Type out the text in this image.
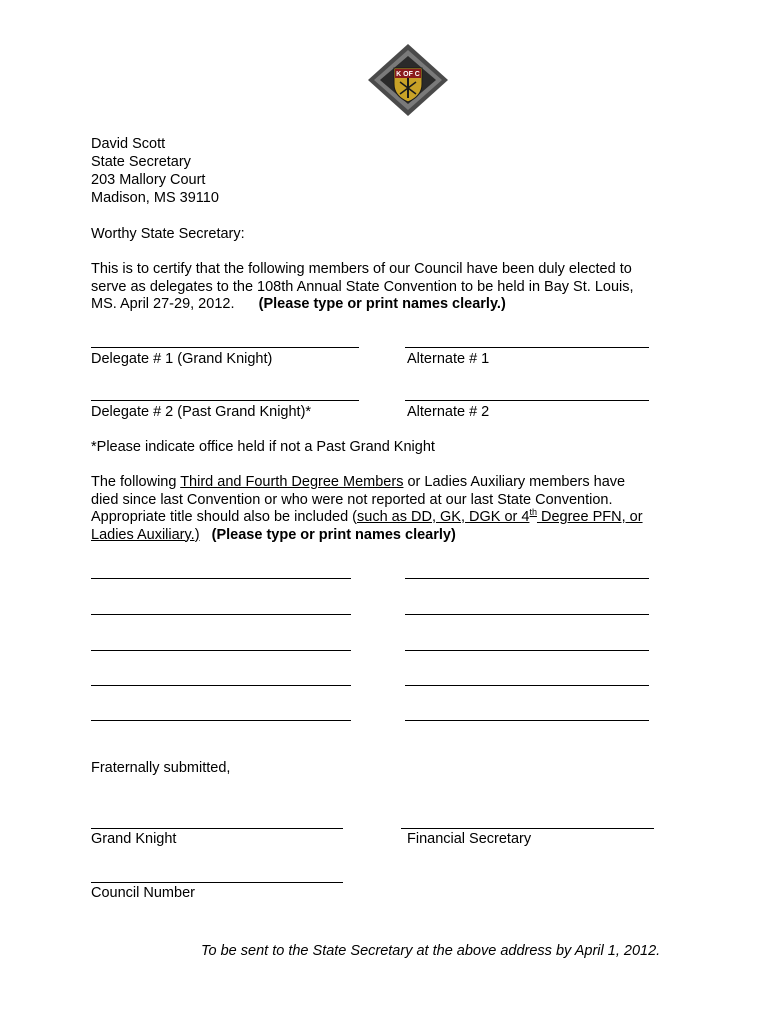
K OF C
David Scott
State Secretary
203 Mallory Court
Madison, MS 39110
Worthy State Secretary:
This is to certify that the following members of our Council have been duly elected to
serve as delegates to the 108th Annual State Convention to be held in Bay St. Louis,
MS. April 27-29, 2012. (Please type or print names clearly.)
Delegate # 1 (Grand Knight)	Alternate # 1
Delegate # 2 (Past Grand Knight)*	Alternate # 2
*Please indicate office held if not a Past Grand Knight
The following Third and Fourth Degree Members or Ladies Auxiliary members have
died since last Convention or who were not reported at our last State Convention.
Appropriate title should also be included (such as DD, GK, DGK or 4th Degree PFN, or
Ladies Auxiliary.) (Please type or print names clearly)
Fraternally submitted,
Grand Knight	Financial Secretary
Council Number
To be sent to the State Secretary at the above address by April 1, 2012.
